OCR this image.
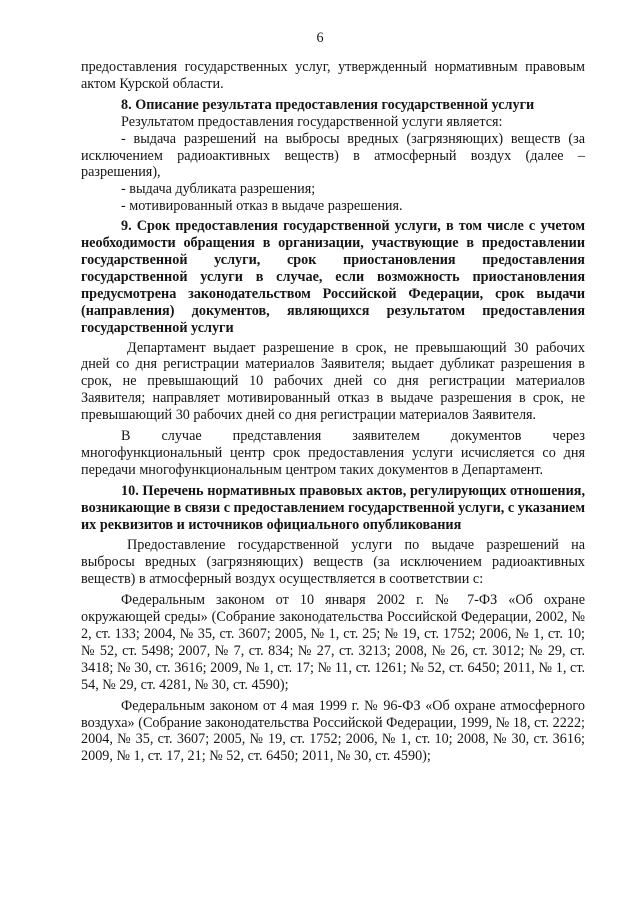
6

предоставления государственных услуг, утвержденный нормативным правовым актом Курской области.

8. Описание результата предоставления государственной услуги

Результатом предоставления государственной услуги является:

- выдача разрешений на выбросы вредных (загрязняющих) веществ (за исключением радиоактивных веществ) в атмосферный воздух (далее – разрешения),

- выдача дубликата разрешения;

- мотивированный отказ в выдаче разрешения.

9. Срок предоставления государственной услуги, в том числе с учетом необходимости обращения в организации, участвующие в предоставлении государственной услуги, срок приостановления предоставления государственной услуги в случае, если возможность приостановления предусмотрена законодательством Российской Федерации, срок выдачи (направления) документов, являющихся результатом предоставления государственной услуги

Департамент выдает разрешение в срок, не превышающий 30 рабочих дней со дня регистрации материалов Заявителя; выдает дубликат разрешения в срок, не превышающий 10 рабочих дней со дня регистрации материалов Заявителя; направляет мотивированный отказ в выдаче разрешения в срок, не превышающий 30 рабочих дней со дня регистрации материалов Заявителя.

В случае представления заявителем документов через многофункциональный центр срок предоставления услуги исчисляется со дня передачи многофункциональным центром таких документов в Департамент.

10. Перечень нормативных правовых актов, регулирующих отношения, возникающие в связи с предоставлением государственной услуги, с указанием их реквизитов и источников официального опубликования

Предоставление государственной услуги по выдаче разрешений на выбросы вредных (загрязняющих) веществ (за исключением радиоактивных веществ) в атмосферный воздух осуществляется в соответствии с:

Федеральным законом от 10 января 2002 г. № 7-ФЗ «Об охране окружающей среды» (Собрание законодательства Российской Федерации, 2002, № 2, ст. 133; 2004, № 35, ст. 3607; 2005, № 1, ст. 25; № 19, ст. 1752; 2006, № 1, ст. 10; № 52, ст. 5498; 2007, № 7, ст. 834; № 27, ст. 3213; 2008, № 26, ст. 3012; № 29, ст. 3418; № 30, ст. 3616; 2009, № 1, ст. 17; № 11, ст. 1261; № 52, ст. 6450; 2011, № 1, ст. 54, № 29, ст. 4281, № 30, ст. 4590);

Федеральным законом от 4 мая 1999 г. № 96-ФЗ «Об охране атмосферного воздуха» (Собрание законодательства Российской Федерации, 1999, № 18, ст. 2222; 2004, № 35, ст. 3607; 2005, № 19, ст. 1752; 2006, № 1, ст. 10; 2008, № 30, ст. 3616; 2009, № 1, ст. 17, 21; № 52, ст. 6450; 2011, № 30, ст. 4590);
